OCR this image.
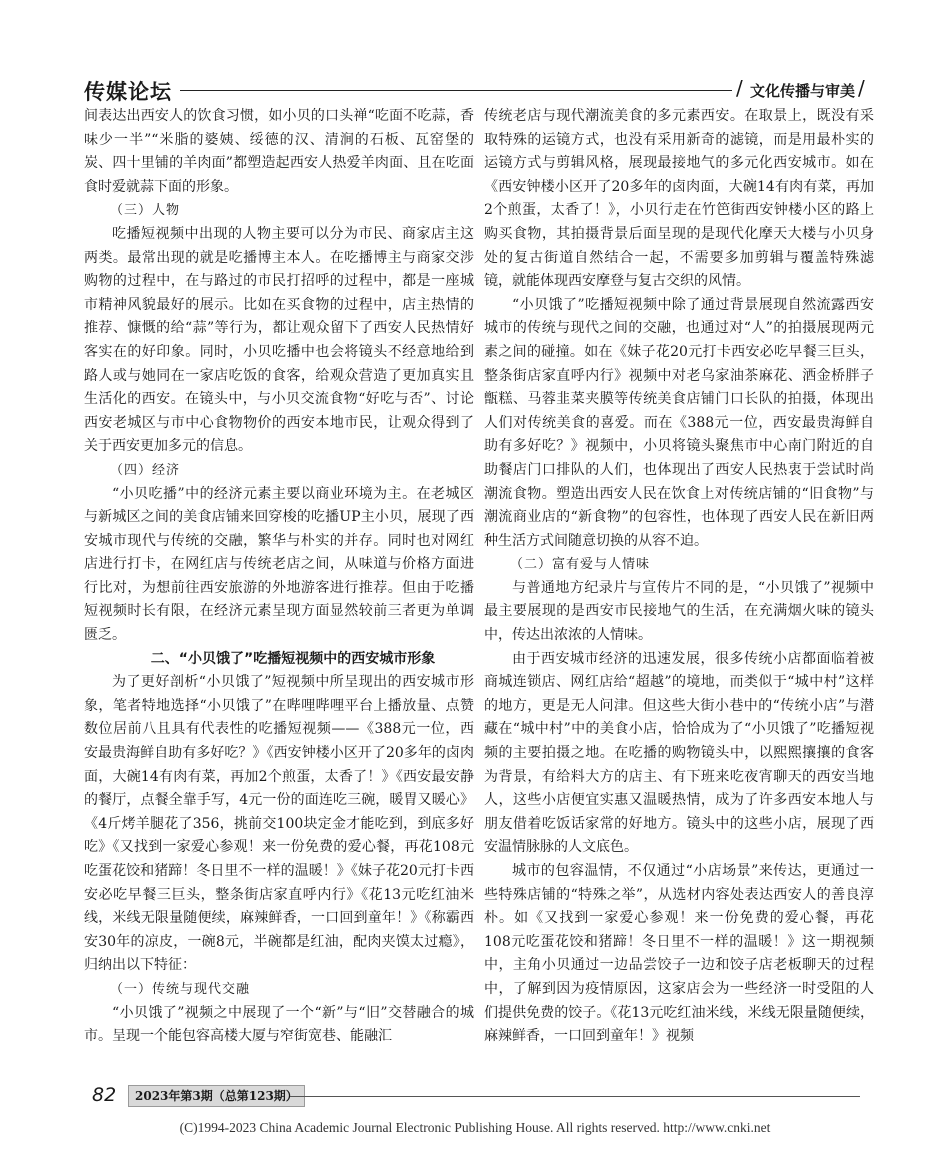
传媒论坛	/ 文化传播与审美 /

间表达出西安人的饮食习惯，如小贝的口头禅“吃面不吃蒜，香味少一半”“米脂的婆姨、绥德的汉、清涧的石板、瓦窑堡的炭、四十里铺的羊肉面”都塑造起西安人热爱羊肉面、且在吃面食时爱就蒜下面的形象。

（三）人物

吃播短视频中出现的人物主要可以分为市民、商家店主这两类。最常出现的就是吃播博主本人。在吃播博主与商家交涉购物的过程中，在与路过的市民打招呼的过程中，都是一座城市精神风貌最好的展示。比如在买食物的过程中，店主热情的推荐、慷慨的给“蒜”等行为，都让观众留下了西安人民热情好客实在的好印象。同时，小贝吃播中也会将镜头不经意地给到路人或与她同在一家店吃饭的食客，给观众营造了更加真实且生活化的西安。在镜头中，与小贝交流食物“好吃与否”、讨论西安老城区与市中心食物物价的西安本地市民，让观众得到了关于西安更加多元的信息。

（四）经济

“小贝吃播”中的经济元素主要以商业环境为主。在老城区与新城区之间的美食店铺来回穿梭的吃播UP主小贝，展现了西安城市现代与传统的交融，繁华与朴实的并存。同时也对网红店进行打卡，在网红店与传统老店之间，从味道与价格方面进行比对，为想前往西安旅游的外地游客进行推荐。但由于吃播短视频时长有限，在经济元素呈现方面显然较前三者更为单调匮乏。

二、“小贝饿了”吃播短视频中的西安城市形象

为了更好剖析“小贝饿了”短视频中所呈现出的西安城市形象，笔者特地选择“小贝饿了”在哔哩哔哩平台上播放量、点赞数位居前八且具有代表性的吃播短视频——《388元一位，西安最贵海鲜自助有多好吃？》《西安钟楼小区开了20多年的卤肉面，大碗14有肉有菜，再加2个煎蛋，太香了！》《西安最安静的餐厅，点餐全靠手写，4元一份的面连吃三碗，暖胃又暖心》《4斤烤羊腿花了356，挑前交100块定金才能吃到，到底多好吃》《又找到一家爱心参观！来一份免费的爱心餐，再花108元吃蛋花饺和猪蹄！冬日里不一样的温暖！》《妹子花20元打卡西安必吃早餐三巨头，整条街店家直呼内行》《花13元吃红油米线，米线无限量随便续，麻辣鲜香，一口回到童年！》《称霸西安30年的凉皮，一碗8元，半碗都是红油，配肉夹馍太过瘾》，归纳出以下特征：

（一）传统与现代交融

“小贝饿了”视频之中展现了一个“新”与“旧”交替融合的城市。呈现一个能包容高楼大厦与窄街宽巷、能融汇

传统老店与现代潮流美食的多元素西安。在取景上，既没有采取特殊的运镜方式，也没有采用新奇的滤镜，而是用最朴实的运镜方式与剪辑风格，展现最接地气的多元化西安城市。如在《西安钟楼小区开了20多年的卤肉面，大碗14有肉有菜，再加2个煎蛋，太香了！》，小贝行走在竹笆街西安钟楼小区的路上购买食物，其拍摄背景后面呈现的是现代化摩天大楼与小贝身处的复古街道自然结合一起，不需要多加剪辑与覆盖特殊滤镜，就能体现西安摩登与复古交织的风情。

“小贝饿了”吃播短视频中除了通过背景展现自然流露西安城市的传统与现代之间的交融，也通过对“人”的拍摄展现两元素之间的碰撞。如在《妹子花20元打卡西安必吃早餐三巨头，整条街店家直呼内行》视频中对老乌家油茶麻花、洒金桥胖子甑糕、马蓉韭菜夹膜等传统美食店铺门口长队的拍摄，体现出人们对传统美食的喜爱。而在《388元一位，西安最贵海鲜自助有多好吃？》视频中，小贝将镜头聚焦市中心南门附近的自助餐店门口排队的人们，也体现出了西安人民热衷于尝试时尚潮流食物。塑造出西安人民在饮食上对传统店铺的“旧食物”与潮流商业店的“新食物”的包容性，也体现了西安人民在新旧两种生活方式间随意切换的从容不迫。

（二）富有爱与人情味

与普通地方纪录片与宣传片不同的是，“小贝饿了”视频中最主要展现的是西安市民接地气的生活，在充满烟火味的镜头中，传达出浓浓的人情味。

由于西安城市经济的迅速发展，很多传统小店都面临着被商城连锁店、网红店给“超越”的境地，而类似于“城中村”这样的地方，更是无人问津。但这些大街小巷中的“传统小店”与潜藏在“城中村”中的美食小店，恰恰成为了“小贝饿了”吃播短视频的主要拍摄之地。在吃播的购物镜头中，以熙熙攘攘的食客为背景，有给料大方的店主、有下班来吃夜宵聊天的西安当地人，这些小店便宜实惠又温暖热情，成为了许多西安本地人与朋友借着吃饭话家常的好地方。镜头中的这些小店，展现了西安温情脉脉的人文底色。

城市的包容温情，不仅通过“小店场景”来传达，更通过一些特殊店铺的“特殊之举”，从选材内容处表达西安人的善良淳朴。如《又找到一家爱心参观！来一份免费的爱心餐，再花108元吃蛋花饺和猪蹄！冬日里不一样的温暖！》这一期视频中，主角小贝通过一边品尝饺子一边和饺子店老板聊天的过程中，了解到因为疫情原因，这家店会为一些经济一时受阻的人们提供免费的饺子。《花13元吃红油米线，米线无限量随便续，麻辣鲜香，一口回到童年！》视频

82	2023年第3期（总第123期）
(C)1994-2023 China Academic Journal Electronic Publishing House. All rights reserved. http://www.cnki.net
